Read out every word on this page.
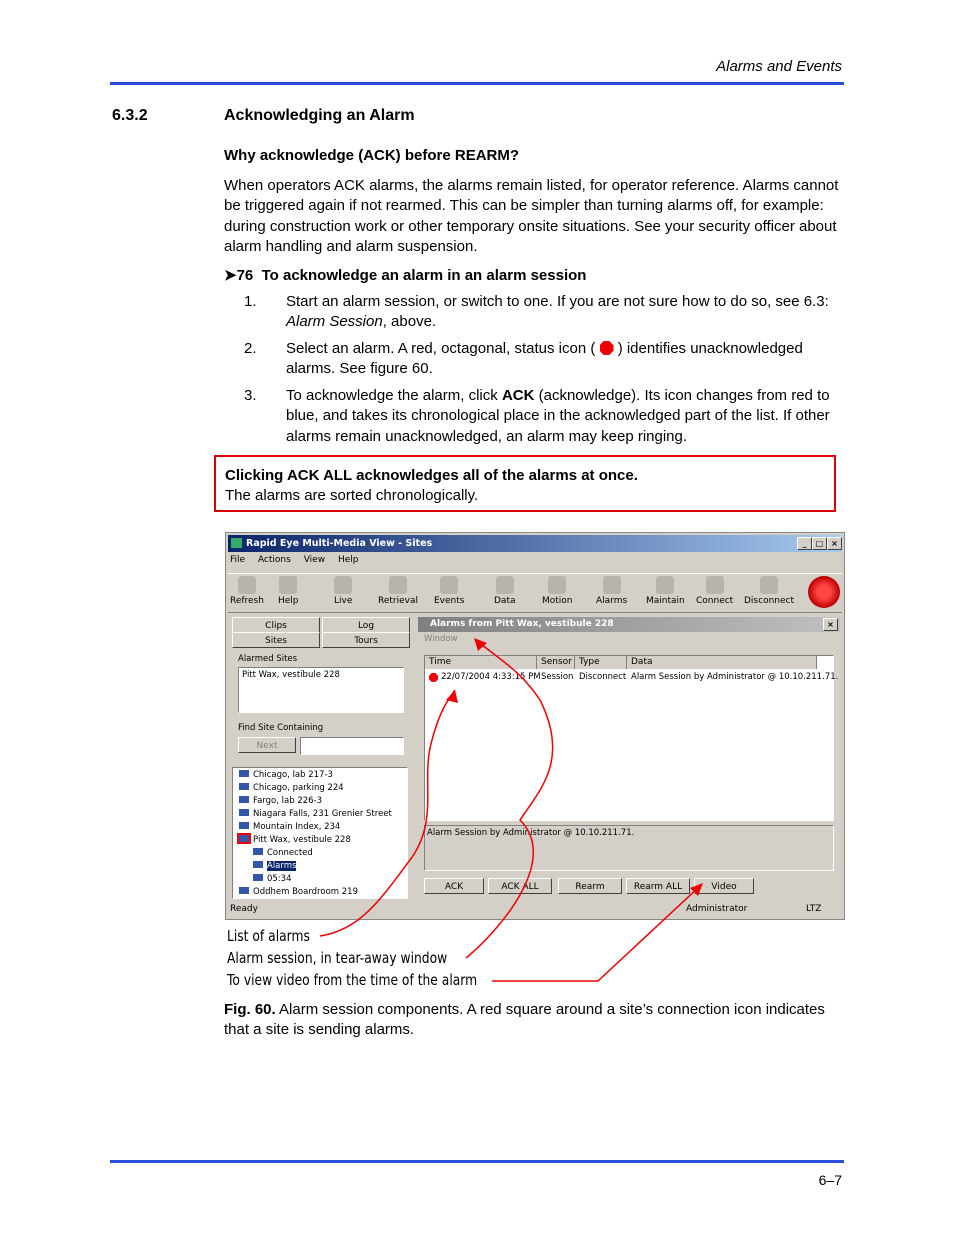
Alarms and Events
6.3.2	Acknowledging an Alarm
Why acknowledge (ACK) before REARM?
When operators ACK alarms, the alarms remain listed, for operator reference. Alarms cannot be triggered again if not rearmed. This can be simpler than turning alarms off, for example: during construction work or other temporary onsite situations. See your security officer about alarm handling and alarm suspension.
➤76 To acknowledge an alarm in an alarm session
1. Start an alarm session, or switch to one. If you are not sure how to do so, see 6.3: Alarm Session, above.
2. Select an alarm. A red, octagonal, status icon ( ) identifies unacknowledged alarms. See figure 60.
3. To acknowledge the alarm, click ACK (acknowledge). Its icon changes from red to blue, and takes its chronological place in the acknowledged part of the list. If other alarms remain unacknowledged, an alarm may keep ringing.
Clicking ACK ALL acknowledges all of the alarms at once.
The alarms are sorted chronologically.
Rapid Eye Multi-Media View - Sites	_	□ ×
File Actions View Help
Refresh Help	Live	Retrieval Events	Data	Motion	Alarms Maintain Connect Disconnect
Clips	Log
Sites	Tours
Alarmed Sites
Pitt Wax, vestibule 228
Find Site Containing
Next
Chicago, lab 217-3
Chicago, parking 224
Fargo, lab 226-3
Niagara Falls, 231 Grenier Street
Mountain Index, 234
Pitt Wax, vestibule 228
Connected
Alarms
05:34
Oddhem Boardroom 219
Alarms from Pitt Wax, vestibule 228	×
Window
Time	Sensor Type	Data
22/07/2004 4:33:15 PM Session Disconnect Alarm Session by Administrator @ 10.10.211.71.
Alarm Session by Administrator @ 10.10.211.71.
ACK	ACK ALL	Rearm	Rearm ALL	Video
Ready	Administrator	LTZ
List of alarms
Alarm session, in tear-away window
To view video from the time of the alarm
Fig. 60. Alarm session components. A red square around a site’s connection icon indicates that a site is sending alarms.
6–7
